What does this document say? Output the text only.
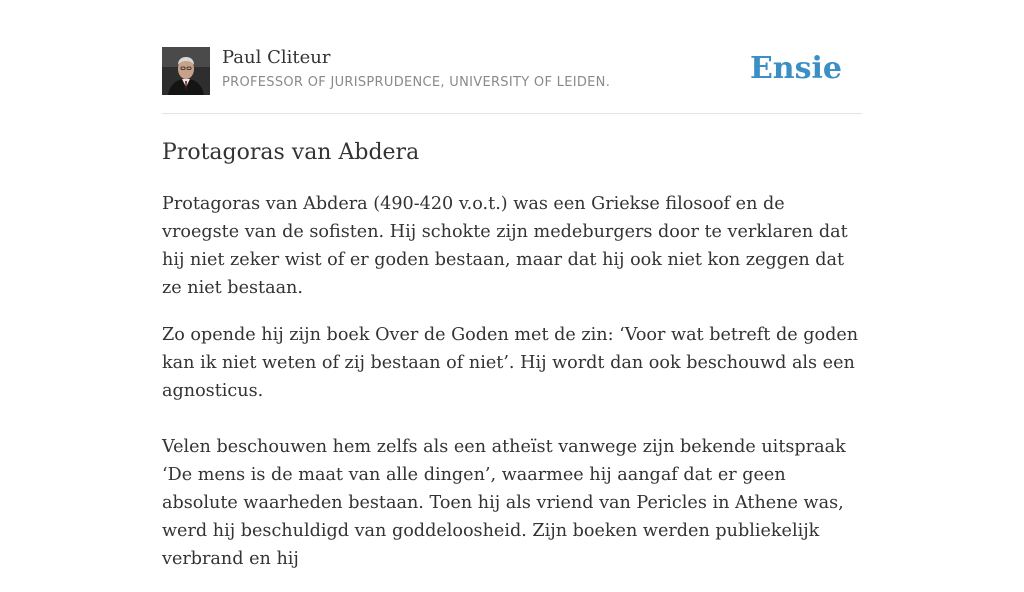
Paul Cliteur
PROFESSOR OF JURISPRUDENCE, UNIVERSITY OF LEIDEN.	Ensie
Protagoras van Abdera

Protagoras van Abdera (490-420 v.o.t.) was een Griekse filosoof en de vroegste van de sofisten. Hij schokte zijn medeburgers door te verklaren dat hij niet zeker wist of er goden bestaan, maar dat hij ook niet kon zeggen dat ze niet bestaan.

Zo opende hij zijn boek Over de Goden met de zin: ‘Voor wat betreft de goden kan ik niet weten of zij bestaan of niet’. Hij wordt dan ook beschouwd als een agnosticus.

Velen beschouwen hem zelfs als een atheïst vanwege zijn bekende uitspraak ‘De mens is de maat van alle dingen’, waarmee hij aangaf dat er geen absolute waarheden bestaan. Toen hij als vriend van Pericles in Athene was, werd hij beschuldigd van goddeloosheid. Zijn boeken werden publiekelijk verbrand en hij
